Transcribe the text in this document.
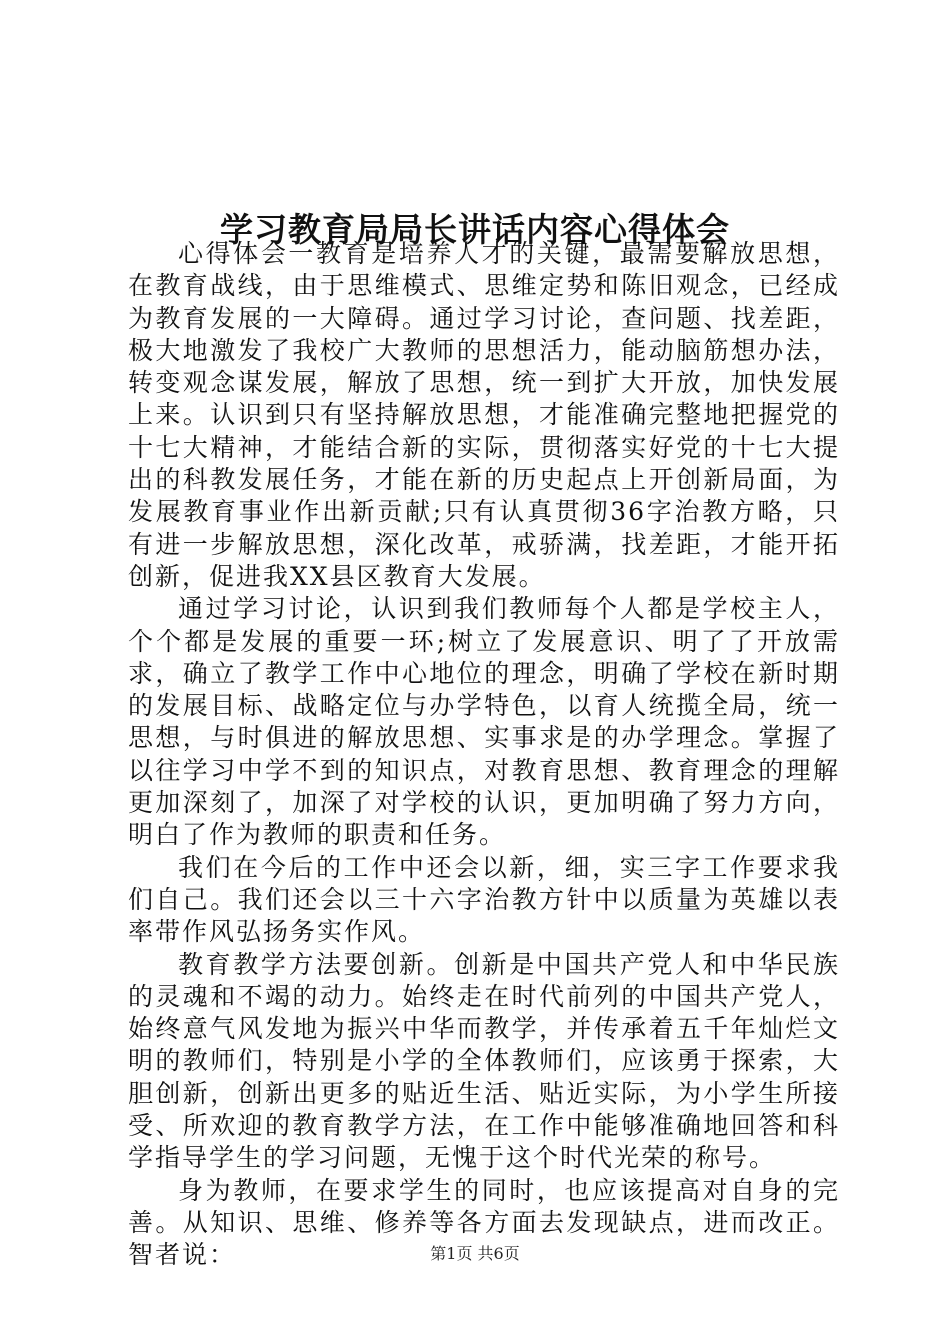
学习教育局局长讲话内容心得体会

心得体会一教育是培养人才的关键，最需要解放思想，在教育战线，由于思维模式、思维定势和陈旧观念，已经成为教育发展的一大障碍。通过学习讨论，查问题、找差距，极大地激发了我校广大教师的思想活力，能动脑筋想办法，转变观念谋发展，解放了思想，统一到扩大开放，加快发展上来。认识到只有坚持解放思想，才能准确完整地把握党的十七大精神，才能结合新的实际，贯彻落实好党的十七大提出的科教发展任务，才能在新的历史起点上开创新局面，为发展教育事业作出新贡献;只有认真贯彻36字治教方略，只有进一步解放思想，深化改革，戒骄满，找差距，才能开拓创新，促进我XX县区教育大发展。

通过学习讨论，认识到我们教师每个人都是学校主人，个个都是发展的重要一环;树立了发展意识、明了了开放需求，确立了教学工作中心地位的理念，明确了学校在新时期的发展目标、战略定位与办学特色，以育人统揽全局，统一思想，与时俱进的解放思想、实事求是的办学理念。掌握了以往学习中学不到的知识点，对教育思想、教育理念的理解更加深刻了，加深了对学校的认识，更加明确了努力方向，明白了作为教师的职责和任务。

我们在今后的工作中还会以新，细，实三字工作要求我们自己。我们还会以三十六字治教方针中以质量为英雄以表率带作风弘扬务实作风。

教育教学方法要创新。创新是中国共产党人和中华民族的灵魂和不竭的动力。始终走在时代前列的中国共产党人，始终意气风发地为振兴中华而教学，并传承着五千年灿烂文明的教师们，特别是小学的全体教师们，应该勇于探索，大胆创新，创新出更多的贴近生活、贴近实际，为小学生所接受、所欢迎的教育教学方法，在工作中能够准确地回答和科学指导学生的学习问题，无愧于这个时代光荣的称号。

身为教师，在要求学生的同时，也应该提高对自身的完善。从知识、思维、修养等各方面去发现缺点，进而改正。智者说：	第1页 共6页
